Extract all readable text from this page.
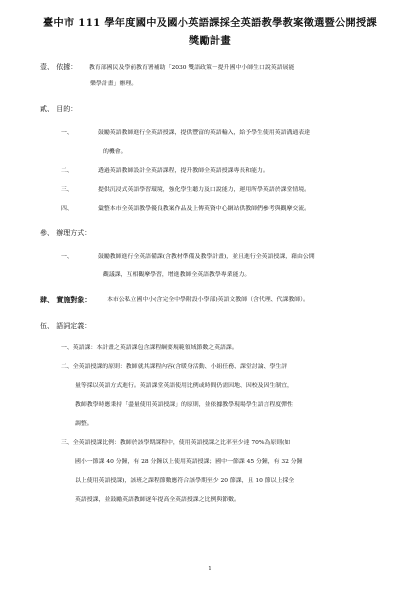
臺中市 111 學年度國中及國小英語課採全英語教學教案徵選暨公開授課
獎勵計畫
壹、 依據： 教育部國民及學前教育署補助「2030 雙語政策－提升國中小師生口說英語展能
樂學計畫」辦理。
貳、 目的：
一、	鼓勵英語教師進行全英語授課，提供豐富的英語輸入，給予學生使用英語溝通表達
的機會。
二、	透過英語教師設計全英語課程，提升教師全英語授課專長和能力。
三、	提供沉浸式英語學習環境，強化學生聽力及口說能力，運用所學英語於課堂情境。
四、	彙整本市全英語教學優良教案作品及上傳英資中心網站供教師們參考與觀摩交流。
參、 辦理方式：
一、	鼓勵教師進行全英語備課(含教材準備及教學計畫)，並且進行全英語授課，藉由公開
觀議課，互相觀摩學習，增進教師全英語教學專業能力。
肆、 實施對象：	本市公私立國中小(含完全中學附設小學部)英語文教師（含代理、代課教師）。
伍、 語詞定義：
一、英語課：本計畫之英語課包含課程綱要規範領域節數之英語課。
二、全英語授課的原則：教師就其課程內容(含暖身活動、小組任務、課堂討論、學生評
量等採以英語方式進行。英語課堂英語使用比例或時間仍需因地、因校及因生制宜，
教師教學時應秉持「盡量使用英語授課」的原則，並依據教學現場學生語言程度彈性
調整。
三、全英語授課比例：教師於該學期課程中，使用英語授課之比率至少達 70%為原則(如
國小一節課 40 分鐘，有 28 分鐘以上使用英語授課；國中一節課 45 分鐘，有 32 分鐘
以上使用英語授課)，該班之課程節數應符合該學期至少 20 節課，且 10 節以上採全
英語授課，並鼓勵英語教師逐年提高全英語授課之比例與節數。
1
